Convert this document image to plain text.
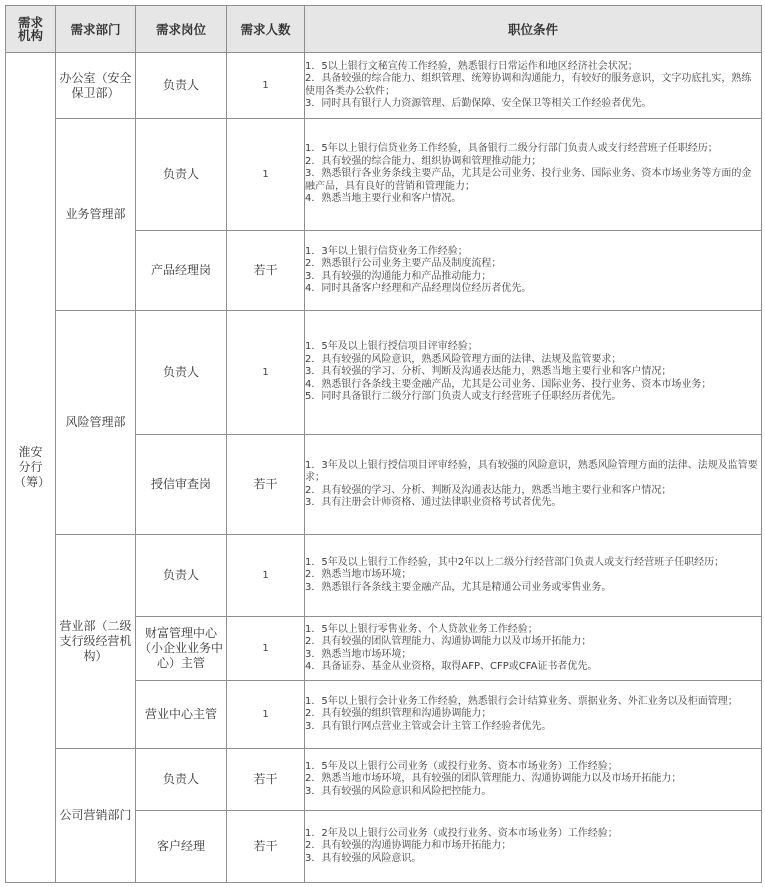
需求机构	需求部门	需求岗位	需求人数	职位条件
淮安分行（筹）	办公室（安全保卫部）	负责人	1	1．5以上银行文秘宣传工作经验，熟悉银行日常运作和地区经济社会状况；
2．具备较强的综合能力、组织管理、统筹协调和沟通能力，有较好的服务意识，文字功底扎实，熟练使用各类办公软件；
3．同时具有银行人力资源管理、后勤保障、安全保卫等相关工作经验者优先。

	业务管理部	负责人	1	1．5年以上银行信贷业务工作经验，具备银行二级分行部门负责人或支行经营班子任职经历；
2．具有较强的综合能力、组织协调和管理推动能力；
3．熟悉银行各业务条线主要产品，尤其是公司业务、投行业务、国际业务、资本市场业务等方面的金融产品，具有良好的营销和管理能力；
4．熟悉当地主要行业和客户情况。

		产品经理岗	若干	1．3年以上银行信贷业务工作经验；
2．熟悉银行公司业务主要产品及制度流程；
3．具有较强的沟通能力和产品推动能力；
4．同时具备客户经理和产品经理岗位经历者优先。

	风险管理部	负责人	1	1．5年及以上银行授信项目评审经验；
2．具有较强的风险意识，熟悉风险管理方面的法律、法规及监管要求；
3．具有较强的学习、分析、判断及沟通表达能力，熟悉当地主要行业和客户情况；
4．熟悉银行各条线主要金融产品，尤其是公司业务、国际业务、投行业务、资本市场业务；
5．同时具备银行二级分行部门负责人或支行经营班子任职经历者优先。

		授信审查岗	若干	1．3年及以上银行授信项目评审经验，具有较强的风险意识，熟悉风险管理方面的法律、法规及监管要求；
2．具有较强的学习、分析、判断及沟通表达能力，熟悉当地主要行业和客户情况；
3．具有注册会计师资格、通过法律职业资格考试者优先。

	营业部（二级支行级经营机构）	负责人	1	1．5年及以上银行工作经验，其中2年以上二级分行经营部门负责人或支行经营班子任职经历；
2．熟悉当地市场环境；
3．熟悉银行各条线主要金融产品，尤其是精通公司业务或零售业务。

		财富管理中心（小企业业务中心）主管	1	1．5年以上银行零售业务、个人贷款业务工作经验；
2．具有较强的团队管理能力、沟通协调能力以及市场开拓能力；
3．熟悉当地市场环境；
4．具备证券、基金从业资格，取得AFP、CFP或CFA证书者优先。

		营业中心主管	1	1．5年以上银行会计业务工作经验，熟悉银行会计结算业务、票据业务、外汇业务以及柜面管理；
2．具有较强的组织管理和沟通协调能力；
3．具有银行网点营业主管或会计主管工作经验者优先。

	公司营销部门	负责人	若干	1．5年及以上银行公司业务（或投行业务、资本市场业务）工作经验；
2．熟悉当地市场环境，具有较强的团队管理能力、沟通协调能力以及市场开拓能力；
3．具有较强的风险意识和风险把控能力。

		客户经理	若干	1．2年及以上银行公司业务（或投行业务、资本市场业务）工作经验；
2．具有较强的沟通协调能力和市场开拓能力；
3．具有较强的风险意识。
